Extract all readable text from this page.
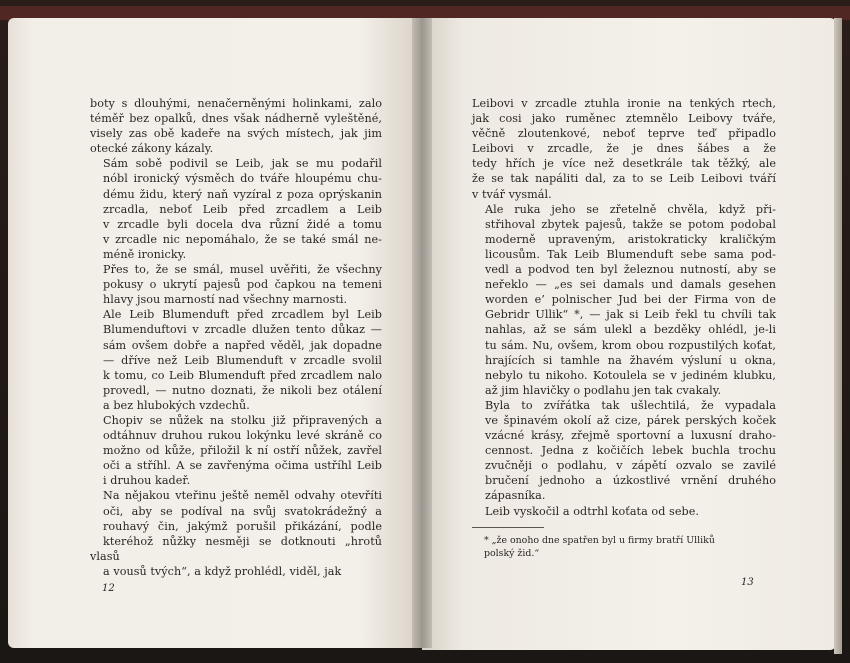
boty s dlouhými, nenačerněnými holinkami, zalo
téměř bez opalků, dnes však nádherně vyleštěné,
visely zas obě kadeře na svých místech, jak jim
otecké zákony kázaly.

Sám sobě podivil se Leib, jak se mu podařil
nóbl ironický výsměch do tváře hloupému chu-
dému židu, který naň vyzíral z poza oprýskanin
zrcadla, neboť Leib před zrcadlem a Leib
v zrcadle byli docela dva různí židé a tomu
v zrcadle nic nepomáhalo, že se také smál ne-
méně ironicky.

Přes to, že se smál, musel uvěřiti, že všechny
pokusy o ukrytí pajesů pod čapkou na temeni
hlavy jsou marností nad všechny marnosti.

Ale Leib Blumenduft před zrcadlem byl Leib
Blumenduftovi v zrcadle dlužen tento důkaz —
sám ovšem dobře a napřed věděl, jak dopadne
— dříve než Leib Blumenduft v zrcadle svolil
k tomu, co Leib Blumenduft před zrcadlem nalo
provedl, — nutno doznati, že nikoli bez otálení
a bez hlubokých vzdechů.

Chopiv se nůžek na stolku již připravených a
odtáhnuv druhou rukou lokýnku levé skráně co
možno od kůže, přiložil k ní ostří nůžek, zavřel
oči a stříhl. A se zavřenýma očima ustříhl Leib
i druhou kadeř.

Na nějakou vteřinu ještě neměl odvahy otevříti
oči, aby se podíval na svůj svatokrádežný a
rouhavý čin, jakýmž porušil přikázání, podle
kteréhož nůžky nesměji se dotknouti „hrotů vlasů
a vousů tvých“, a když prohlédl, viděl, jak

12

Leibovi v zrcadle ztuhla ironie na tenkých rtech,
jak cosi jako ruměnec ztemnělo Leibovy tváře,
věčně zloutenkové, neboť teprve teď připadlo
Leibovi v zrcadle, že je dnes šábes a že
tedy hřích je více než desetkrále tak těžký, ale
že se tak napáliti dal, za to se Leib Leibovi tváří
v tvář vysmál.

Ale ruka jeho se zřetelně chvěla, když při-
střihoval zbytek pajesů, takže se potom podobal
moderně upraveným, aristokraticky kraličkým
licousům. Tak Leib Blumenduft sebe sama pod-
vedl a podvod ten byl železnou nutností, aby se
neřeklo — „es sei damals und damals gesehen
worden e’ polnischer Jud bei der Firma von de
Gebridr Ullik“ *, — jak si Leib řekl tu chvíli tak
nahlas, až se sám ulekl a bezděky ohlédl, je-li
tu sám. Nu, ovšem, krom obou rozpustilých koťat,
hrajících si tamhle na žhavém výsluní u okna,
nebylo tu nikoho. Kotoulela se v jediném klubku,
až jim hlavičky o podlahu jen tak cvakaly.

Byla to zvířátka tak ušlechtilá, že vypadala
ve špinavém okolí až cize, párek perských koček
vzácné krásy, zřejmě sportovní a luxusní draho-
cennost. Jedna z kočičích lebek buchla trochu
zvučněji o podlahu, v zápětí ozvalo se zavilé
bručení jednoho a úzkostlivé vrnění druhého
zápasníka.

Leib vyskočil a odtrhl koťata od sebe.

* „že onoho dne spatřen byl u firmy bratří Ulliků
polský žid.“
13
